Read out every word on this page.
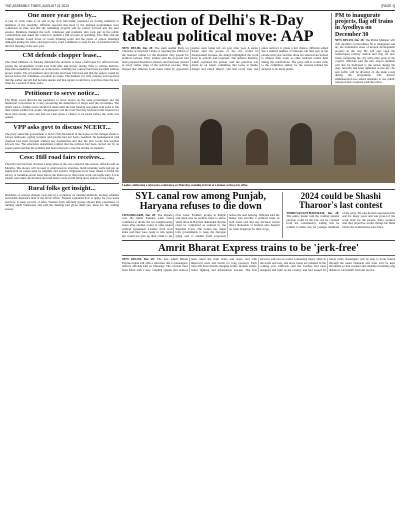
THE ASSEMBLY TIMES, AUGUST 21 2023	[PAGE 1]
One more year goes by...

A year of work came to an end as the civic fellowship presented its closing summary to members of the assembly. Officials reported that most of the planned programmes were completed on time and that the remaining projects will be carried forward into the next session. Members thanked the staff, volunteers and residents who took part in the public consultations and asked the council to publish a full account of spending. The chair said the coming months would focus on roads, drinking water and the repair of school buildings damaged during the rains, and urged every ward committee to send its list of priorities before the first meeting of the new year.

CM defends chopper lease...

The Chief Minister on Tuesday defended the decision to lease a helicopter for official travel, saying the arrangement would save both time and money during visits to remote districts. Opposition members walked out of the house, claiming the contract had been awarded without proper tender. The government said all rules had been followed and that the papers would be placed before the committee on public accounts. The minister for civil aviation told reporters that the earlier aircraft had become unsafe and that repairs would have cost more than the new lease for a period of three years.

Petitioner to serve notice...

The High Court directed the petitioner to serve notice on the state government and the municipal corporation in a case concerning the demolition of shops near the old market. The bench said no further action should be taken until the next hearing and asked both sides to file their replies within four weeks. Shopkeepers told the court that they had held valid licences for more than twenty years and had not been given a chance to be heard before the order was passed.

VPP asks govt to discuss NCERT...

The party asked the government to hold a full discussion in the house on the changes made to school textbooks, saying teachers and parents had not been consulted. Its spokesperson said chapters had been dropped without any explanation and that the new books had reached schools late. The education department replied that the revision had been carried out by an expert panel and that the syllabus had been reduced to ease the burden on students.

Cess: Hill road fairs receives...

The hill road fair fund received a large share of the cess collected this season, officials said on Monday. The money will be used to widen narrow stretches, build retaining walls and put up signboards on routes used by pilgrims and tourists. Engineers have been asked to finish the survey of landslide-prone areas before the monsoon so that repair work can begin early. Local traders welcomed the decision and said better roads would bring more visitors to the valley.

Rural folks get insight...

Residents of several villages took part in a workshop on farming methods, savings schemes and health insurance held at the block office. Trainers explained how to apply for crop loans and how to keep records of sales. Women from self-help groups shared their experience of running small businesses and said the meeting had given them new ideas for the coming season.

Rejection of Delhi's R-Day tableau political move: AAP
NEW DELHI, Dec 28: The Aam Aadmi Party on Thursday accused the Centre of rejecting the tableau of the national capital for the Republic Day parade for political reasons. Party leaders said the proposal had been prepared months in advance and had been cleared at every earlier stage of the selection process. They alleged that tableaux from states ruled by opposition parties were being left out year after year. A senior leader said the people of the city would be disappointed because the design highlighted the work done in schools and hospitals. The defence ministry, which organises the parade, said the selection was made by an expert committee that looks at theme, design and visual impact, and that every state and union territory is given a fair chance. Officials added that a limited number of tableaux can take part in the parade each year and that those not selected are invited to display their work at other national events held during the celebrations. The party said it would write to the committee asking for the reasons behind the decision to be made public.
PM to inaugurate projects, flag off trains in Ayodhya on December 30

NEW DELHI, Dec 28: The Prime Minister will visit Ayodhya on December 30 to inaugurate and lay the foundation stone of several development projects in the city. He will also open the redeveloped railway station and flag off new trains connecting the city with other parts of the country. Officials said the new airport terminal will also be dedicated to the nation during the visit. Security has been tightened across the city and traffic will be diverted on the main roads during the programme. The district administration has asked residents to use public transport and cooperate with the police.

Leaders addressing a joint press conference on Thursday, standing in front of a banner at the party office.
SYL canal row among Punjab, Haryana refuses to die down
CHANDIGARH, Dec 28: The dispute over the Sutlej Yamuna Link canal continued to divide the two neighbouring states after another round of talks ended without agreement. Leaders from both sides said they were ready to talk again but would not give up their claim to the river water. Farmers' groups in Punjab said there was no surplus water to share, while those in Haryana demanded that the canal be completed as ordered by the Supreme Court. The Centre has asked both governments to keep the dialogue going and to submit fresh proposals before the next hearing. Officials said the matter had become a political issue in both states and that any decision would affect thousands of farmers who depend on canal irrigation for their crops.
2024 could be Shashi Tharoor's last contest
THIRUVANANTHAPURAM, Dec 28: The senior leader said the coming general election could be the last one he contests from the constituency, adding that he wanted to make way for younger members of the party. He said he had represented the seat for many years and was proud of the work done for the people. Party workers said they hoped he would change his mind before the nominations were filed.
Amrit Bharat Express trains to be 'jerk-free'
NEW DELHI, Dec 28: The new Amrit Bharat Express trains will offer a smoother ride to passengers, railway officials said on Thursday. The coaches have been fitted with a new coupling system that reduces jerks when the train starts and stops, and with improved seats and berths for long journeys. Each train will have mobile charging points, modern toilets, better lighting and information screens. The first services will run on routes connecting major cities in the north and east, and more trains are planned in the coming year. Officials said the coaches had been designed and built in the country and had passed all safety trials. Passengers will be able to book tickets through the usual channels and fares will be kept affordable so that workers and students travelling long distances can benefit from the service.
